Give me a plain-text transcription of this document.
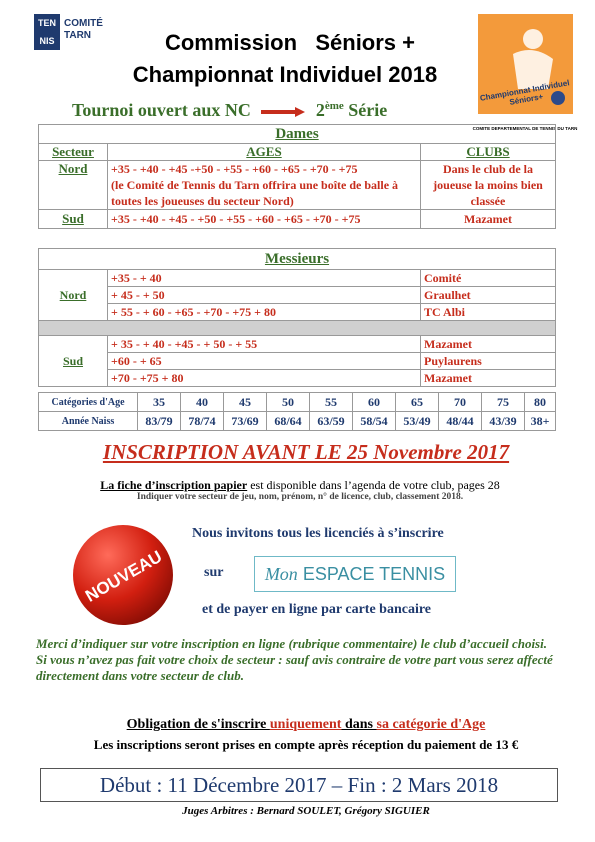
TEN
NIS
COMITÉ
TARN	Commission   Séniors +
Championnat Individuel 2018
Championnat Individuel Séniors+
COMITE DEPARTEMENTAL DE TENNIS DU TARN
Tournoi ouvert aux NC	2ème Série
Dames		
Secteur	AGES	CLUBS
Nord	+35 - +40 - +45 -+50 - +55 - +60 - +65 - +70 - +75
(le Comité de Tennis du Tarn offrira une boîte de balle à toutes les joueuses du secteur Nord)	Dans le club de la joueuse la moins bien classée
Sud	+35 - +40 - +45 - +50 - +55 - +60 - +65 - +70 - +75	Mazamet
Messieurs		
Nord	+35 - + 40	Comité
	+ 45 - + 50	Graulhet
	+ 55 - + 60 - +65 - +70 - +75 + 80	TC Albi

Sud	+ 35 - + 40 - +45 - + 50 - + 55	Mazamet
	+60 - + 65	Puylaurens
	+70 - +75 + 80	Mazamet
Catégories d'Age	35	40	45	50	55	60	65	70	75	80
Année Naiss	83/79	78/74	73/69	68/64	63/59	58/54	53/49	48/44	43/39	38+
INSCRIPTION AVANT LE 25 Novembre 2017
La fiche d’inscription papier est disponible dans l’agenda de votre club, pages 28
Indiquer votre secteur de jeu, nom, prénom, n° de licence, club, classement 2018.
NOUVEAU
Nous invitons tous les licenciés à s’inscrire
sur	Mon ESPACE TENNIS
et de payer en ligne par carte bancaire
Merci d’indiquer sur votre inscription en ligne (rubrique commentaire) le club d’accueil choisi.
Si vous n’avez pas fait votre choix de secteur : sauf avis contraire de votre part vous serez affecté directement dans votre secteur de club.
Obligation de s'inscrire uniquement dans sa catégorie d'Age
Les inscriptions seront prises en compte après réception du paiement de 13 €
Début : 11 Décembre 2017 – Fin : 2 Mars 2018
Juges Arbitres : Bernard SOULET, Grégory SIGUIER
